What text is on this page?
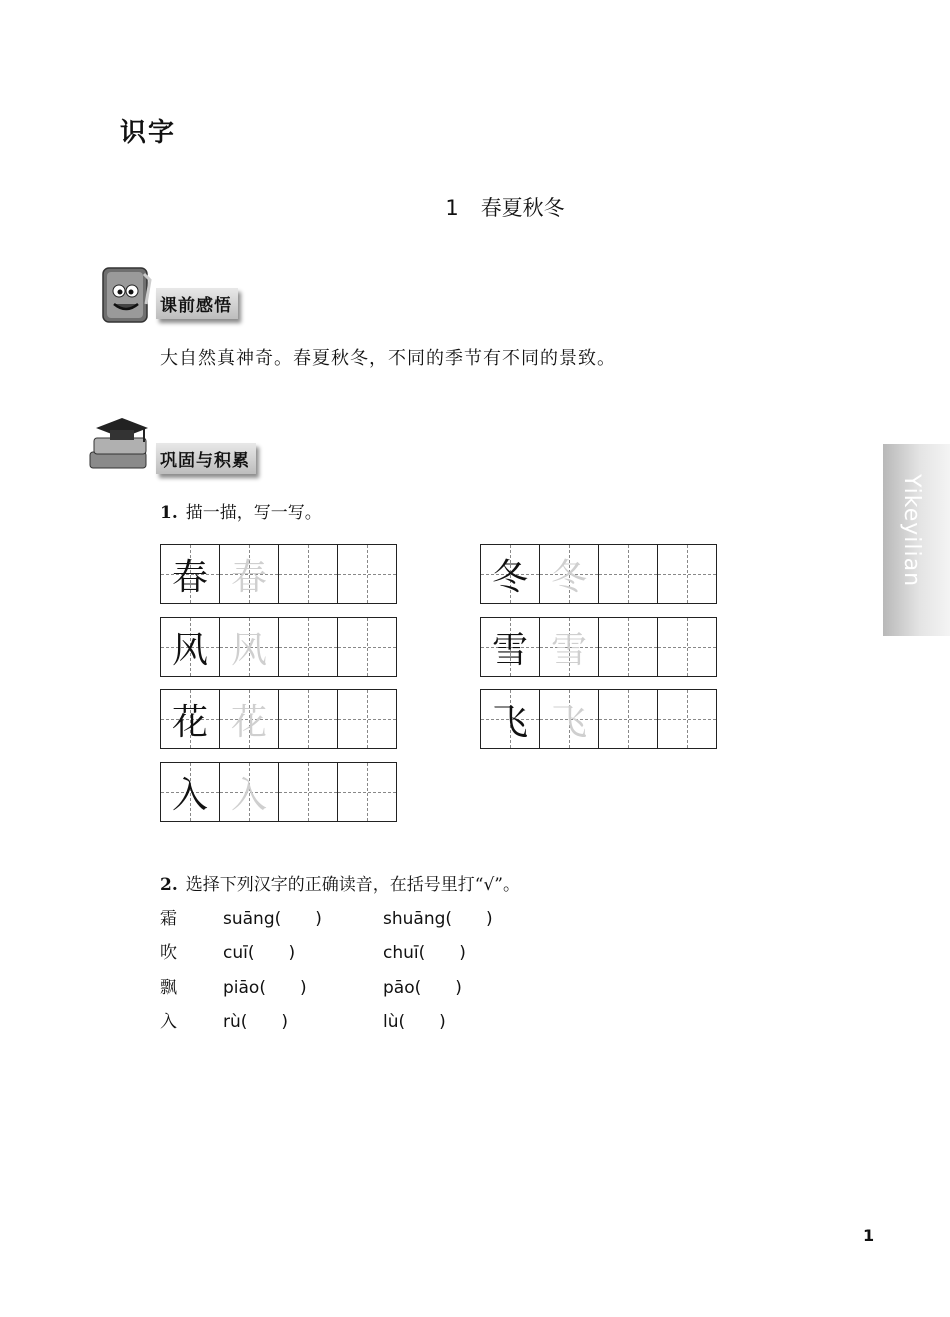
识字
1 春夏秋冬
Yikeyilian
课前感悟
大自然真神奇。春夏秋冬，不同的季节有不同的景致。
巩固与积累
1. 描一描，写一写。
春 春
风 风
花 花
入 入
冬 冬
雪 雪
飞 飞
2. 选择下列汉字的正确读音，在括号里打“√”。
霜	suāng(　　)	shuāng(　　)
吹	cuī(　　)	chuī(　　)
飘	piāo(　　)	pāo(　　)
入	rù(　　)	lù(　　)
1
